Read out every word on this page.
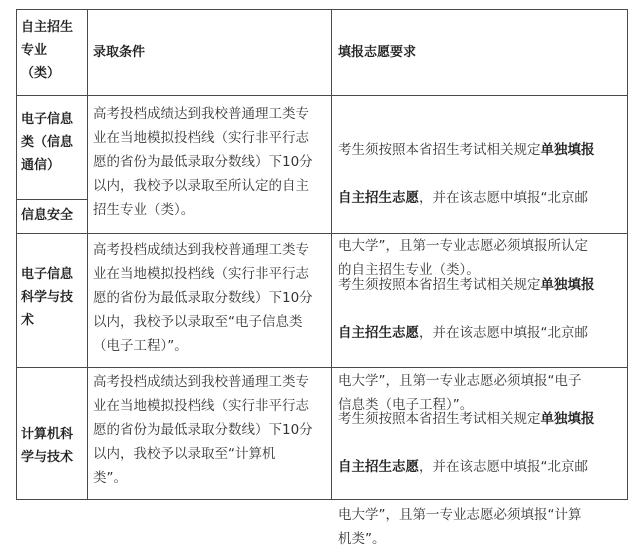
自主招生
专业
（类）
录取条件	填报志愿要求
电子信息
类（信息
通信）
信息安全
高考投档成绩达到我校普通理工类专
业在当地模拟投档线（实行非平行志
愿的省份为最低录取分数线）下10分
以内，我校予以录取至所认定的自主
招生专业（类）。

考生须按照本省招生考试相关规定单独填报

自主招生志愿，并在该志愿中填报“北京邮

电大学”，且第一专业志愿必须填报所认定
的自主招生专业（类）。

电子信息
科学与技
术
高考投档成绩达到我校普通理工类专
业在当地模拟投档线（实行非平行志
愿的省份为最低录取分数线）下10分
以内，我校予以录取至“电子信息类
（电子工程）”。

考生须按照本省招生考试相关规定单独填报

自主招生志愿，并在该志愿中填报“北京邮

电大学”，且第一专业志愿必须填报“电子
信息类（电子工程）”。

计算机科
学与技术
高考投档成绩达到我校普通理工类专
业在当地模拟投档线（实行非平行志
愿的省份为最低录取分数线）下10分
以内，我校予以录取至“计算机
类”。

考生须按照本省招生考试相关规定单独填报

自主招生志愿，并在该志愿中填报“北京邮

电大学”，且第一专业志愿必须填报“计算
机类”。
